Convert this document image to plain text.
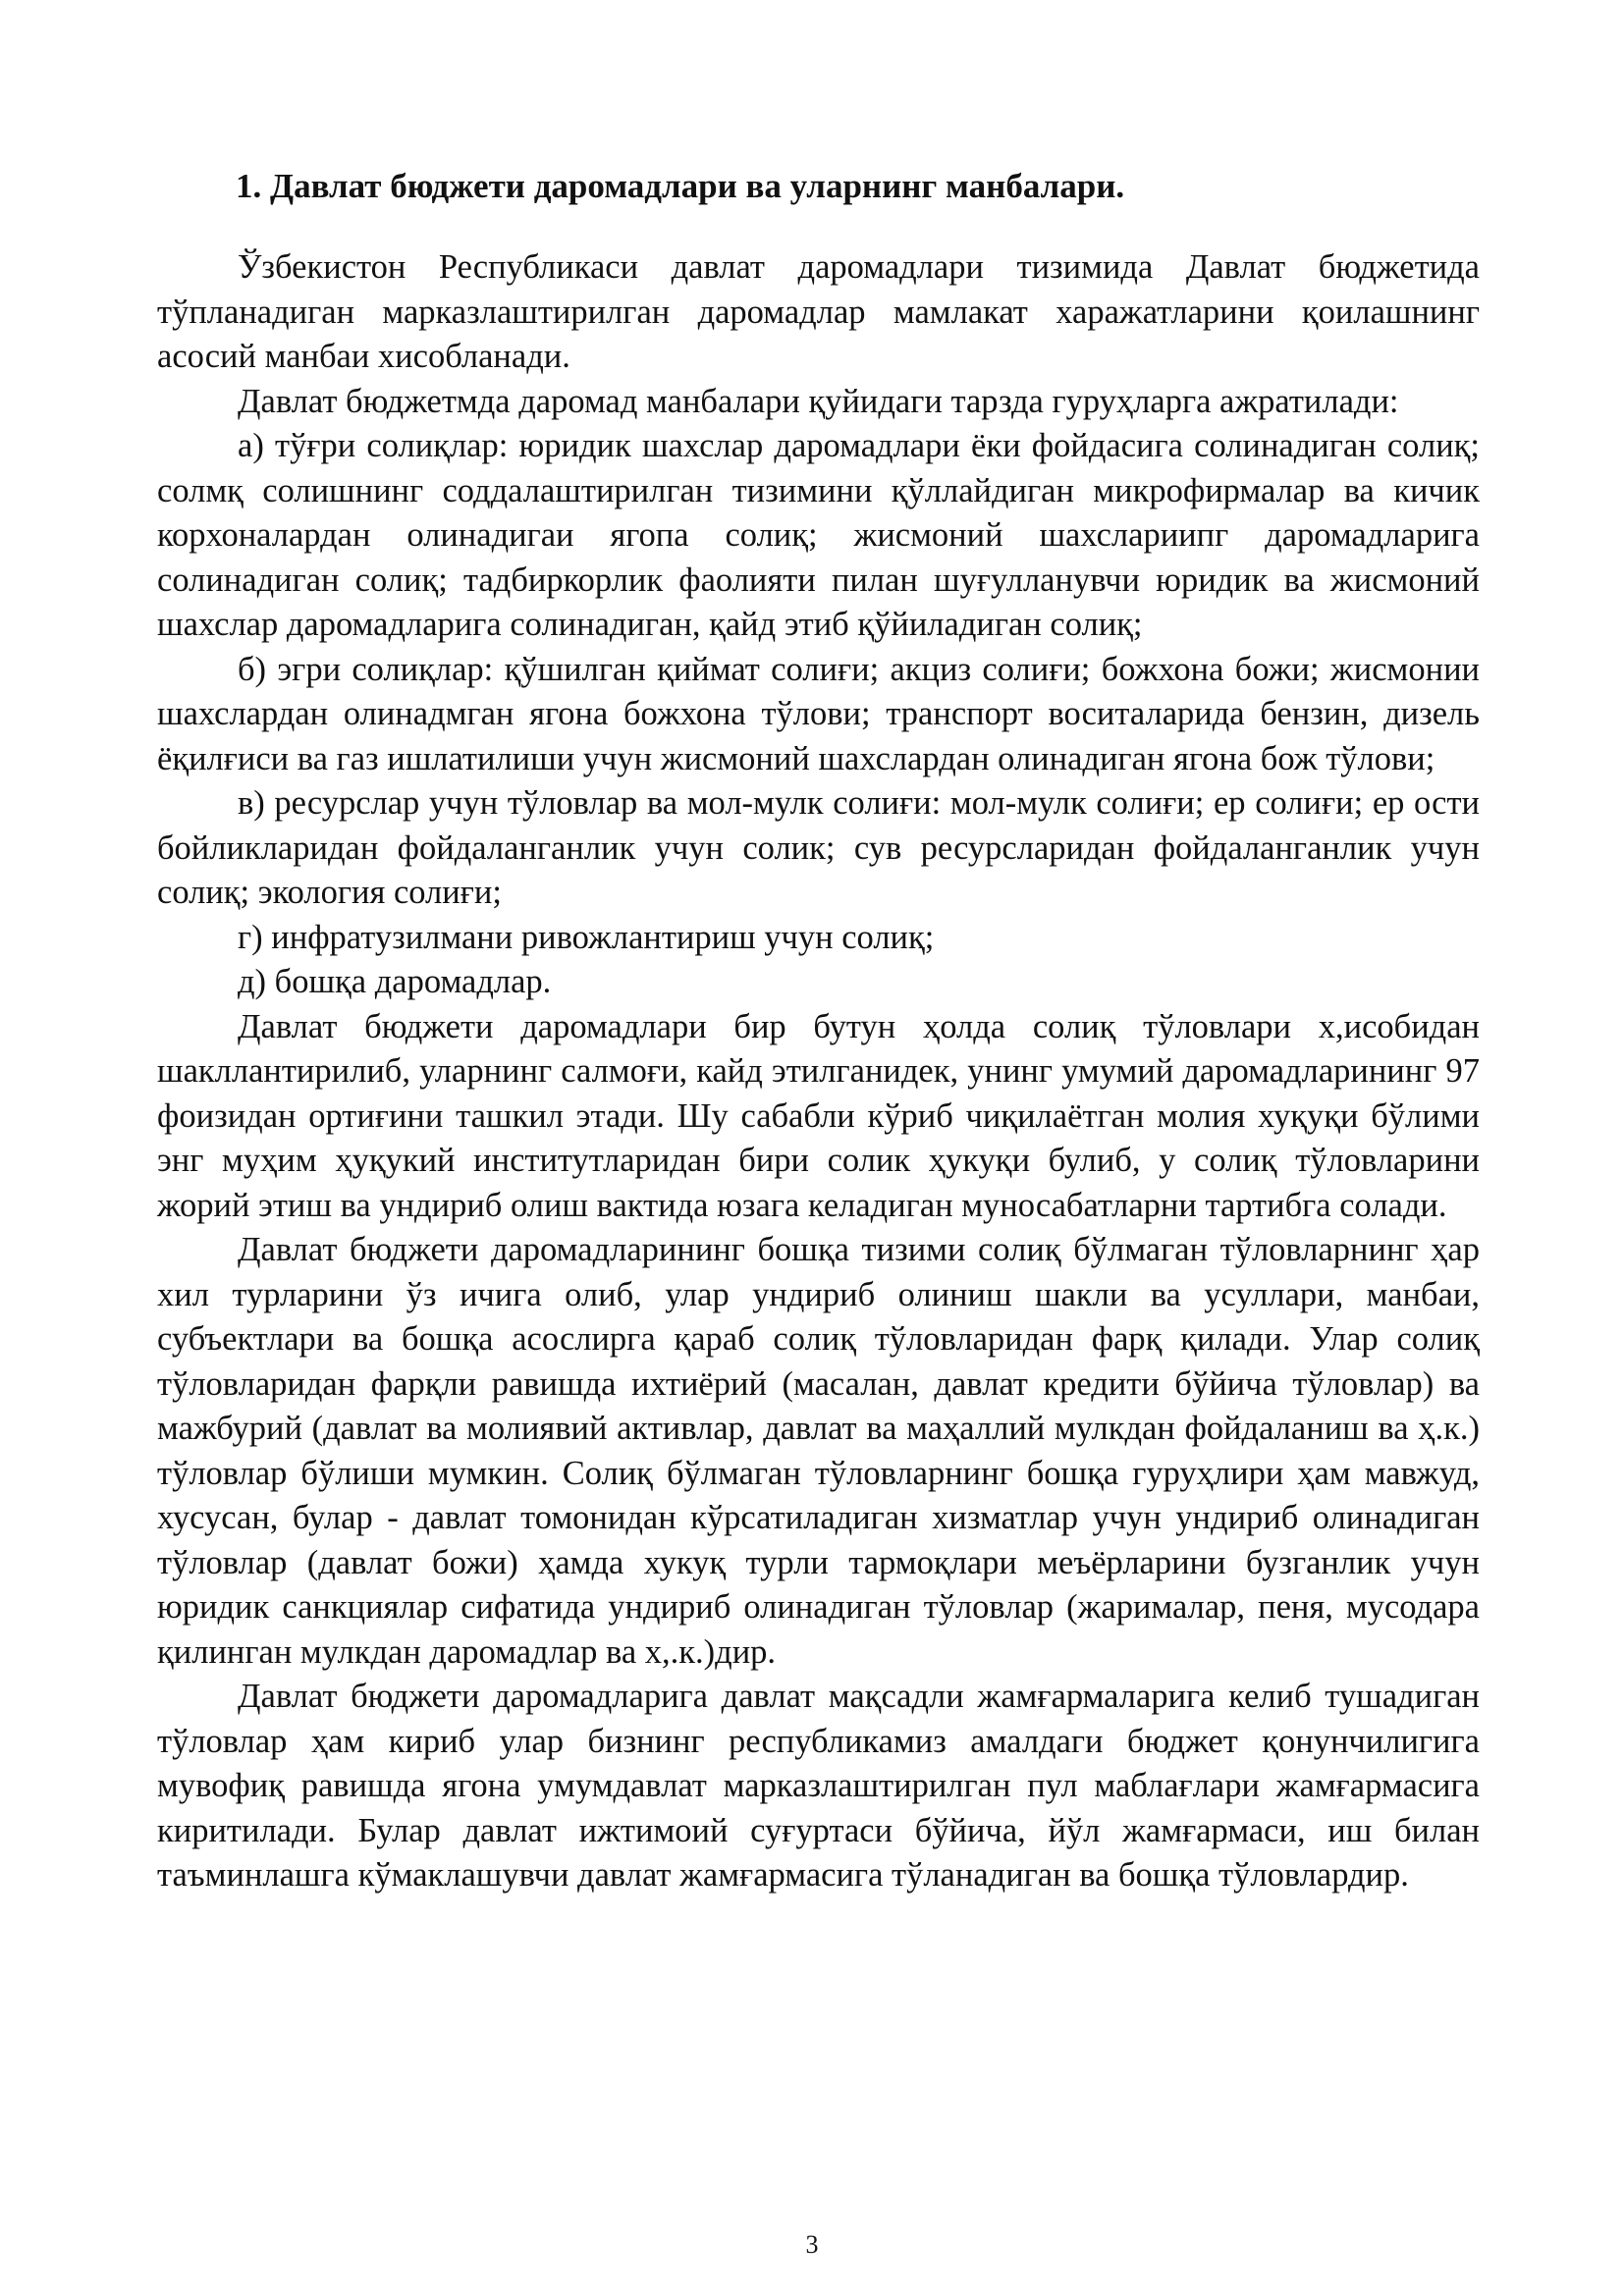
1. Давлат бюджети даромадлари ва уларнинг манбалари.

Ўзбекистон Республикаси давлат даромадлари тизимида Давлат бюджетида тўпланадиган марказлаштирилган даромадлар мамлакат харажатларини қоилашнинг асосий манбаи хисобланади.

Давлат бюджетмда даромад манбалари қуйидаги тарзда гуруҳларга ажратилади:

а) тўғри солиқлар: юридик шахслар даромадлари ёки фойдасига солинадиган солиқ; солмқ солишнинг соддалаштирилган тизимини қўллайдиган микрофирмалар ва кичик корхоналардан олинадигаи ягопа солиқ; жисмоний шахслариипг даромадларига солинадиган солиқ; тадбиркорлик фаолияти пилан шуғулланувчи юридик ва жисмоний шахслар даромадларига солинадиган, қайд этиб қўйиладиган солиқ;

б) эгри солиқлар: қўшилган қиймат солиғи; акциз солиғи; божхона божи; жисмонии шахслардан олинадмган ягона божхона тўлови; транспорт воситаларида бензин, дизель ёқилғиси ва газ ишлатилиши учун жисмоний шахслардан олинадиган ягона бож тўлови;

в) ресурслар учун тўловлар ва мол-мулк солиғи: мол-мулк солиғи; ер солиғи; ер ости бойликларидан фойдаланганлик учун солик; сув ресурсларидан фойдаланганлик учун солиқ; экология солиғи;

г) инфратузилмани ривожлантириш учун солиқ;

д) бошқа даромадлар.

Давлат бюджети даромадлари бир бутун ҳолда солиқ тўловлари х,исобидан шакллантирилиб, уларнинг салмоғи, кайд этилганидек, унинг умумий даромадларининг 97 фоизидан ортиғини ташкил этади. Шу сабабли кўриб чиқилаётган молия хуқуқи бўлими энг муҳим ҳуқукий институтларидан бири солик ҳукуқи булиб, у солиқ тўловларини жорий этиш ва ундириб олиш вактида юзага келадиган муносабатларни тартибга солади.

Давлат бюджети даромадларининг бошқа тизими солиқ бўлмаган тўловларнинг ҳар хил турларини ўз ичига олиб, улар ундириб олиниш шакли ва усуллари, манбаи, субъектлари ва бошқа асослирга қараб солиқ тўловларидан фарқ қилади. Улар солиқ тўловларидан фарқли равишда ихтиёрий (масалан, давлат кредити бўйича тўловлар) ва мажбурий (давлат ва молиявий активлар, давлат ва маҳаллий мулкдан фойдаланиш ва ҳ.к.) тўловлар бўлиши мумкин. Солиқ бўлмаган тўловларнинг бошқа гуруҳлири ҳам мавжуд, хусусан, булар - давлат томонидан кўрсатиладиган хизматлар учун ундириб олинадиган тўловлар (давлат божи) ҳамда хукуқ турли тармоқлари меъёрларини бузганлик учун юридик санкциялар сифатида ундириб олинадиган тўловлар (жарималар, пеня, мусодара қилинган мулкдан даромадлар ва х,.к.)дир.

Давлат бюджети даромадларига давлат мақсадли жамғармаларига келиб тушадиган тўловлар ҳам кириб улар бизнинг республикамиз амалдаги бюджет қонунчилигига мувофиқ равишда ягона умумдавлат марказлаштирилган пул маблағлари жамғармасига киритилади. Булар давлат ижтимоий суғуртаси бўйича, йўл жамғармаси, иш билан таъминлашга кўмаклашувчи давлат жамғармасига тўланадиган ва бошқа тўловлардир.

3
